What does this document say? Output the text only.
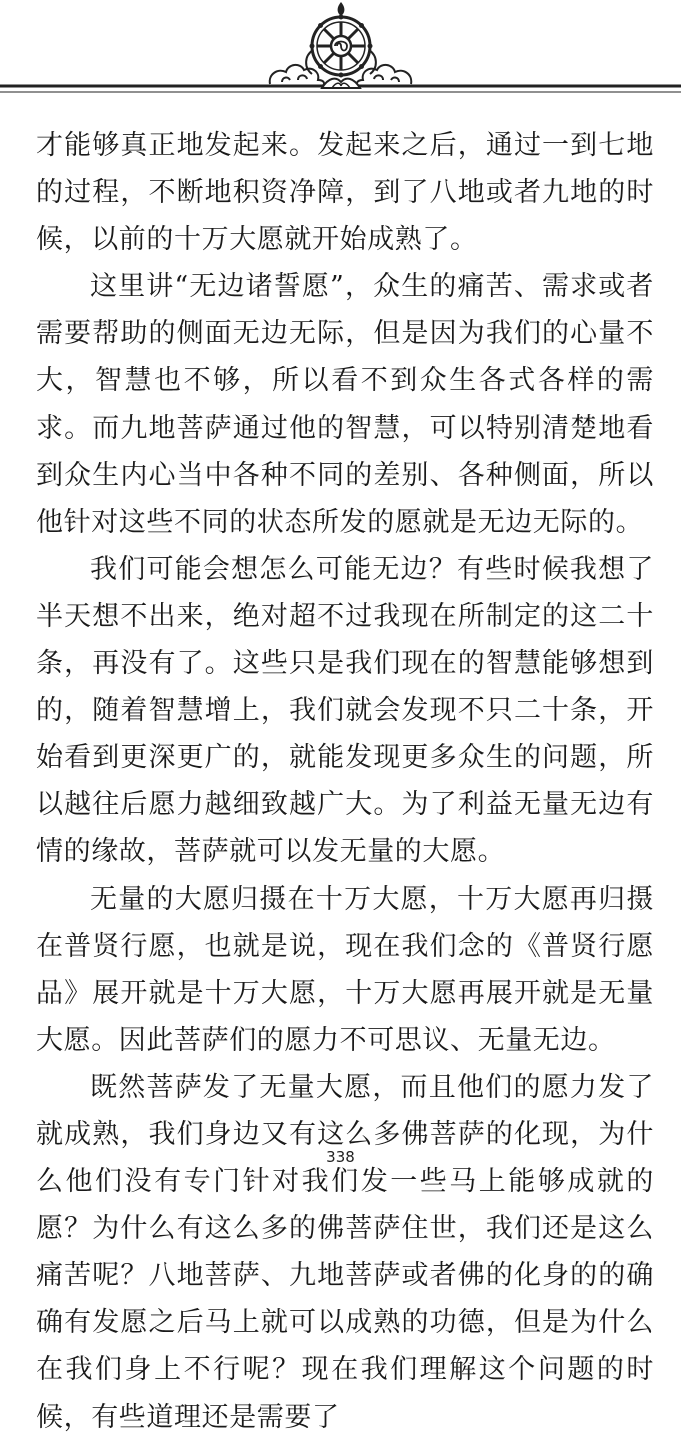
才能够真正地发起来。发起来之后，通过一到七地的过程，不断地积资净障，到了八地或者九地的时候，以前的十万大愿就开始成熟了。

这里讲“无边诸誓愿”，众生的痛苦、需求或者需要帮助的侧面无边无际，但是因为我们的心量不大，智慧也不够，所以看不到众生各式各样的需求。而九地菩萨通过他的智慧，可以特别清楚地看到众生内心当中各种不同的差别、各种侧面，所以他针对这些不同的状态所发的愿就是无边无际的。

我们可能会想怎么可能无边？有些时候我想了半天想不出来，绝对超不过我现在所制定的这二十条，再没有了。这些只是我们现在的智慧能够想到的，随着智慧增上，我们就会发现不只二十条，开始看到更深更广的，就能发现更多众生的问题，所以越往后愿力越细致越广大。为了利益无量无边有情的缘故，菩萨就可以发无量的大愿。

无量的大愿归摄在十万大愿，十万大愿再归摄在普贤行愿，也就是说，现在我们念的《普贤行愿品》展开就是十万大愿，十万大愿再展开就是无量大愿。因此菩萨们的愿力不可思议、无量无边。

既然菩萨发了无量大愿，而且他们的愿力发了就成熟，我们身边又有这么多佛菩萨的化现，为什么他们没有专门针对我们发一些马上能够成就的愿？为什么有这么多的佛菩萨住世，我们还是这么痛苦呢？八地菩萨、九地菩萨或者佛的化身的的确确有发愿之后马上就可以成熟的功德，但是为什么在我们身上不行呢？现在我们理解这个问题的时候，有些道理还是需要了

338
